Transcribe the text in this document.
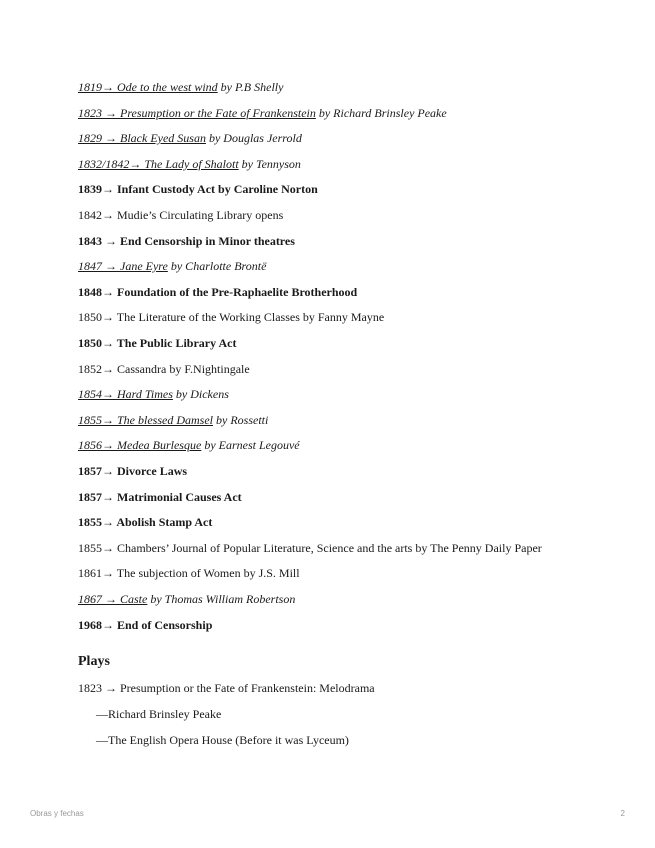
1819→ Ode to the west wind by P.B Shelly
1823 → Presumption or the Fate of Frankenstein by Richard Brinsley Peake
1829 → Black Eyed Susan by Douglas Jerrold
1832/1842→ The Lady of Shalott by Tennyson
1839→ Infant Custody Act by Caroline Norton
1842→ Mudie’s Circulating Library opens
1843 → End Censorship in Minor theatres
1847 → Jane Eyre by Charlotte Brontë
1848→ Foundation of the Pre-Raphaelite Brotherhood
1850→ The Literature of the Working Classes by Fanny Mayne
1850→ The Public Library Act
1852→ Cassandra by F.Nightingale
1854→ Hard Times by Dickens
1855→ The blessed Damsel by Rossetti
1856→ Medea Burlesque by Earnest Legouvé
1857→ Divorce Laws
1857→ Matrimonial Causes Act
1855→ Abolish Stamp Act
1855→ Chambers’ Journal of Popular Literature, Science and the arts by The Penny Daily Paper
1861→ The subjection of Women by J.S. Mill
1867 → Caste by Thomas William Robertson
1968→ End of Censorship
Plays
1823 → Presumption or the Fate of Frankenstein: Melodrama
—Richard Brinsley Peake
—The English Opera House (Before it was Lyceum)
Obras y fechas	2
